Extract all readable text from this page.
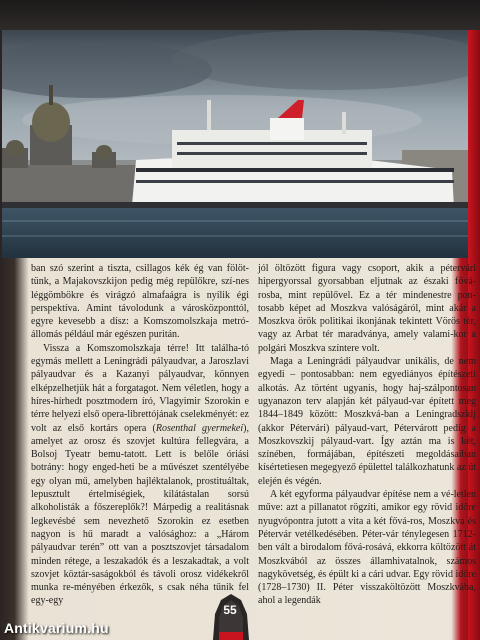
ban szó szerint a tiszta, csillagos kék ég van fölöt-tünk, a Majakovszkijon pedig még repülőkre, szí-nes léggömbökre és virágzó almafaágra is nyílik égi perspektíva. Amint távolodunk a városközponttól, egyre kevesebb a dísz: a Komszomolszkaja metró-állomás például már egészen puritán.

Vissza a Komszomolszkaja térre! Itt találha-tó egymás mellett a Leningrádi pályaudvar, a Jaroszlavi pályaudvar és a Kazanyi pályaudvar, könnyen elképzelhetjük hát a forgatagot. Nem véletlen, hogy a híres-hírhedt posztmodern író, Vlagyimir Szorokin e térre helyezi első opera-librettójának cselekményét: ez volt az első kortárs opera (Rosenthal gyermekei), amelyet az orosz és szovjet kultúra fellegvára, a Bolsoj Tyeatr bemu-tatott. Lett is belőle óriási botrány: hogy enged-heti be a művészet szentélyébe egy olyan mű, amelyben hajléktalanok, prostituáltak, lepusztult értelmiségiek, kilátástalan sorsú alkoholisták a főszereplők?! Márpedig a realitásnak legkevésbé sem nevezhető Szorokin ez esetben nagyon is hű maradt a valósághoz: a „Három pályaudvar terén” ott van a posztszovjet társadalom minden rétege, a leszakadók és a leszakadtak, a volt szovjet köztár-saságokból és távoli orosz vidékekről munka re-ményében érkezők, s csak néha tűnik fel egy-egy

jól öltözött figura vagy csoport, akik a pétervári hipergyorssal gyorsabban eljutnak az északi fővá-rosba, mint repülővel. Ez a tér mindenestre pon-tosabb képet ad Moszkva valóságáról, mint akár a Moszkva örök politikai ikonjának tekintett Vörös tér, vagy az Arbat tér maradványa, amely valami-kor a polgári Moszkva színtere volt.

Maga a Leningrádi pályaudvar unikális, de nem egyedi – pontosabban: nem egyediányos építészeti alkotás. Az történt ugyanis, hogy haj-szálpontosan ugyanazon terv alapján két pályaud-var épített meg 1844–1849 között: Moszkvá-ban a Leningradszkij (akkor Pétervári) pályaud-vart, Pétervárott pedig a Moszkovszkij pályaud-vart. Így aztán ma is két, színében, formájában, építészeti megoldásaiban kísértetiesen megegyező épülettel találkozhatunk az út elején és végén.

A két egyforma pályaudvar építése nem a vé-letlen műve: azt a pillanatot rögzíti, amikor egy rövid időre nyugvópontra jutott a vita a két fővá-ros, Moszkva és Pétervár vetélkedésében. Péter-vár ténylegesen 1712-ben vált a birodalom fővá-rosává, ekkorra költözött át Moszkvából az összes államhivatalnok, számos nagykövetség, és épült ki a cári udvar. Egy rövid időre (1728–1730) II. Péter visszaköltözött Moszkvába, ahol a legendák

55
Antikvarium.hu
